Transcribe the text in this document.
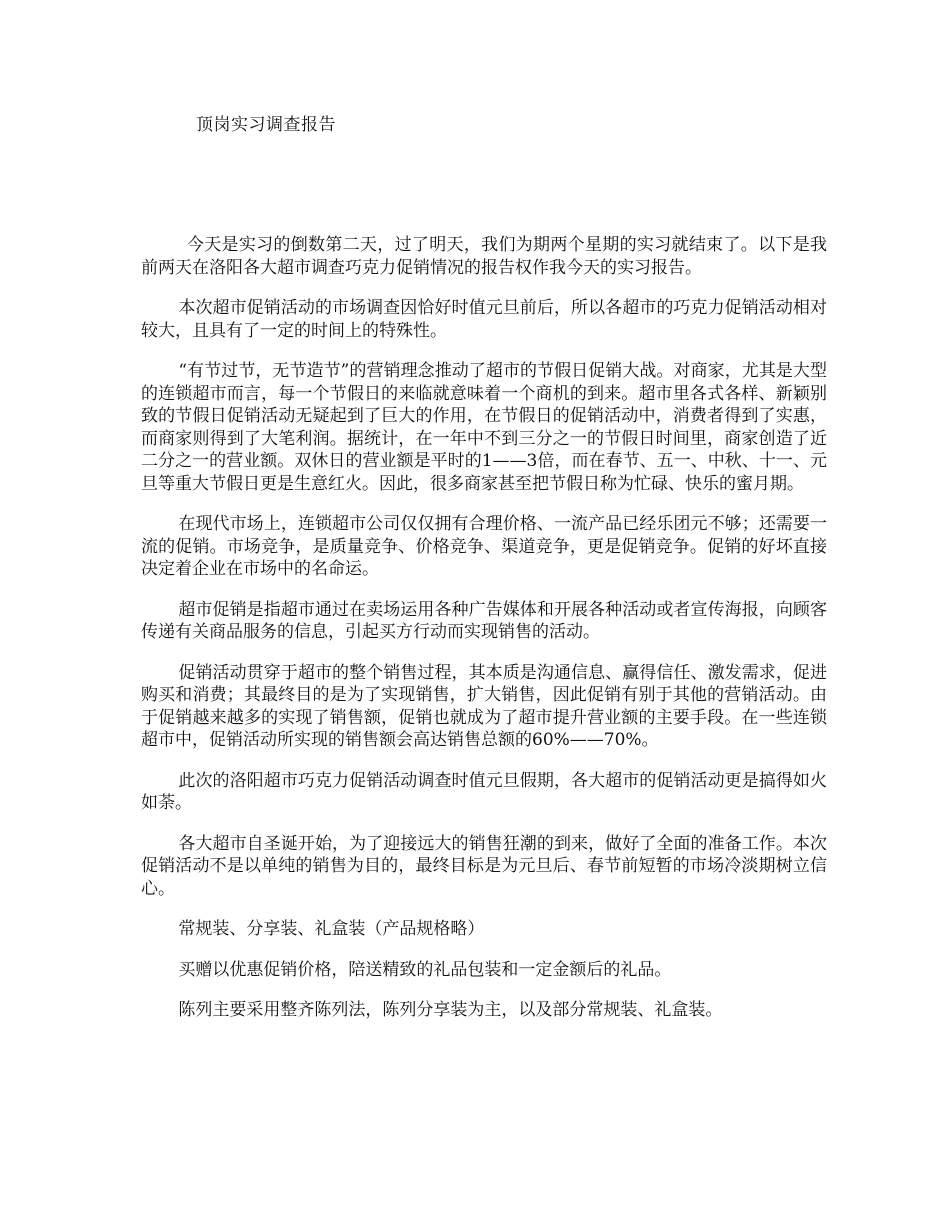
顶岗实习调查报告

今天是实习的倒数第二天，过了明天，我们为期两个星期的实习就结束了。以下是我前两天在洛阳各大超市调查巧克力促销情况的报告权作我今天的实习报告。

本次超市促销活动的市场调查因恰好时值元旦前后，所以各超市的巧克力促销活动相对较大，且具有了一定的时间上的特殊性。

“有节过节，无节造节”的营销理念推动了超市的节假日促销大战。对商家，尤其是大型的连锁超市而言，每一个节假日的来临就意味着一个商机的到来。超市里各式各样、新颖别致的节假日促销活动无疑起到了巨大的作用，在节假日的促销活动中，消费者得到了实惠，而商家则得到了大笔利润。据统计，在一年中不到三分之一的节假日时间里，商家创造了近二分之一的营业额。双休日的营业额是平时的1——3倍，而在春节、五一、中秋、十一、元旦等重大节假日更是生意红火。因此，很多商家甚至把节假日称为忙碌、快乐的蜜月期。

在现代市场上，连锁超市公司仅仅拥有合理价格、一流产品已经乐团元不够；还需要一流的促销。市场竞争，是质量竞争、价格竞争、渠道竞争，更是促销竞争。促销的好坏直接决定着企业在市场中的名命运。

超市促销是指超市通过在卖场运用各种广告媒体和开展各种活动或者宣传海报，向顾客传递有关商品服务的信息，引起买方行动而实现销售的活动。

促销活动贯穿于超市的整个销售过程，其本质是沟通信息、赢得信任、激发需求，促进购买和消费；其最终目的是为了实现销售，扩大销售，因此促销有别于其他的营销活动。由于促销越来越多的实现了销售额，促销也就成为了超市提升营业额的主要手段。在一些连锁超市中，促销活动所实现的销售额会高达销售总额的60%——70%。

此次的洛阳超市巧克力促销活动调查时值元旦假期，各大超市的促销活动更是搞得如火如荼。

各大超市自圣诞开始，为了迎接远大的销售狂潮的到来，做好了全面的准备工作。本次促销活动不是以单纯的销售为目的，最终目标是为元旦后、春节前短暂的市场冷淡期树立信心。

常规装、分享装、礼盒装（产品规格略）

买赠以优惠促销价格，陪送精致的礼品包装和一定金额后的礼品。

陈列主要采用整齐陈列法，陈列分享装为主，以及部分常规装、礼盒装。
